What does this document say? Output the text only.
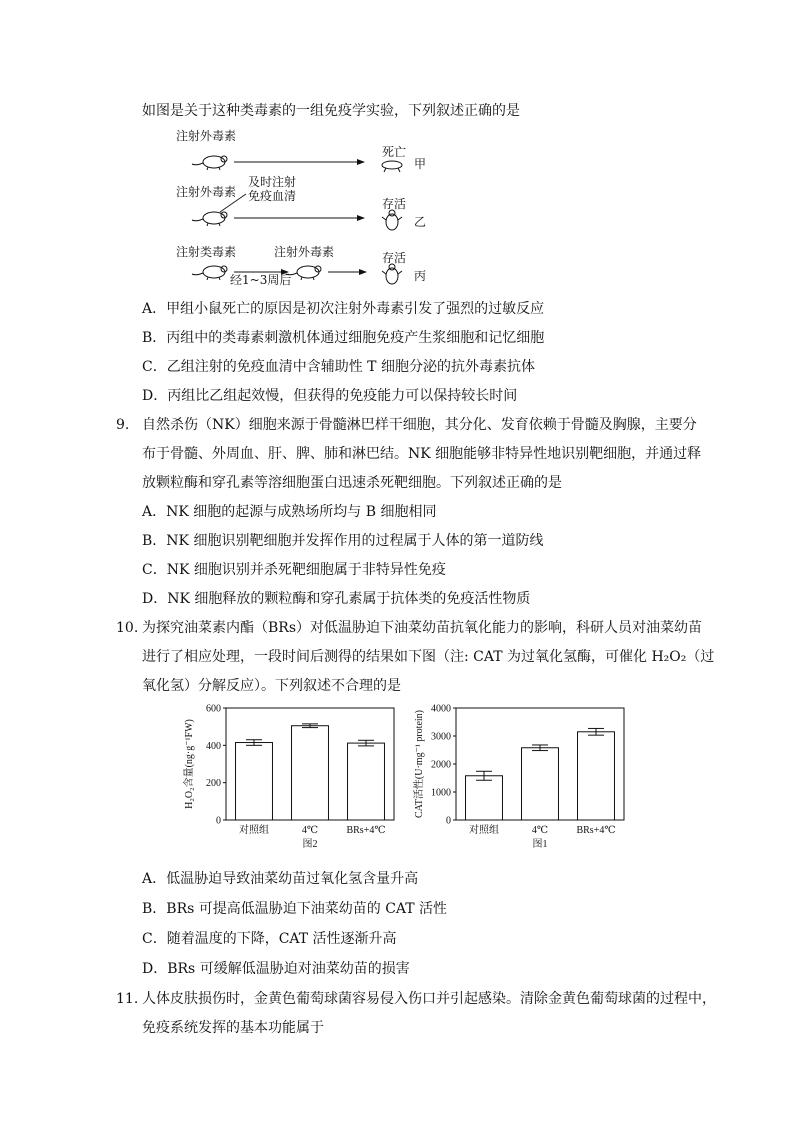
如图是关于这种类毒素的一组免疫学实验，下列叙述正确的是
注射外毒素
死亡
甲
注射外毒素
及时注射
免疫血清
存活
乙
注射类毒素	注射外毒素
经1~3周后
存活
丙
A．甲组小鼠死亡的原因是初次注射外毒素引发了强烈的过敏反应
B．丙组中的类毒素刺激机体通过细胞免疫产生浆细胞和记忆细胞
C．乙组注射的免疫血清中含辅助性 T 细胞分泌的抗外毒素抗体
D．丙组比乙组起效慢，但获得的免疫能力可以保持较长时间
9. 自然杀伤（NK）细胞来源于骨髓淋巴样干细胞，其分化、发育依赖于骨髓及胸腺，主要分
布于骨髓、外周血、肝、脾、肺和淋巴结。NK 细胞能够非特异性地识别靶细胞，并通过释
放颗粒酶和穿孔素等溶细胞蛋白迅速杀死靶细胞。下列叙述正确的是
A．NK 细胞的起源与成熟场所均与 B 细胞相同
B．NK 细胞识别靶细胞并发挥作用的过程属于人体的第一道防线
C．NK 细胞识别并杀死靶细胞属于非特异性免疫
D．NK 细胞释放的颗粒酶和穿孔素属于抗体类的免疫活性物质
10. 为探究油菜素内酯（BRs）对低温胁迫下油菜幼苗抗氧化能力的影响，科研人员对油菜幼苗
进行了相应处理，一段时间后测得的结果如下图（注: CAT 为过氧化氢酶，可催化 H₂O₂（过
氧化氢）分解反应）。下列叙述不合理的是
0
200
400
600
H₂O₂含量(ng·g⁻¹FW)
对照组	4℃	BRs+4℃
图2
0
1000
2000
3000
4000
CAT活性(U·mg⁻¹ protein)
对照组	4℃	BRs+4℃
图1
A．低温胁迫导致油菜幼苗过氧化氢含量升高
B．BRs 可提高低温胁迫下油菜幼苗的 CAT 活性
C．随着温度的下降，CAT 活性逐渐升高
D．BRs 可缓解低温胁迫对油菜幼苗的损害
11. 人体皮肤损伤时，金黄色葡萄球菌容易侵入伤口并引起感染。清除金黄色葡萄球菌的过程中，
免疫系统发挥的基本功能属于
